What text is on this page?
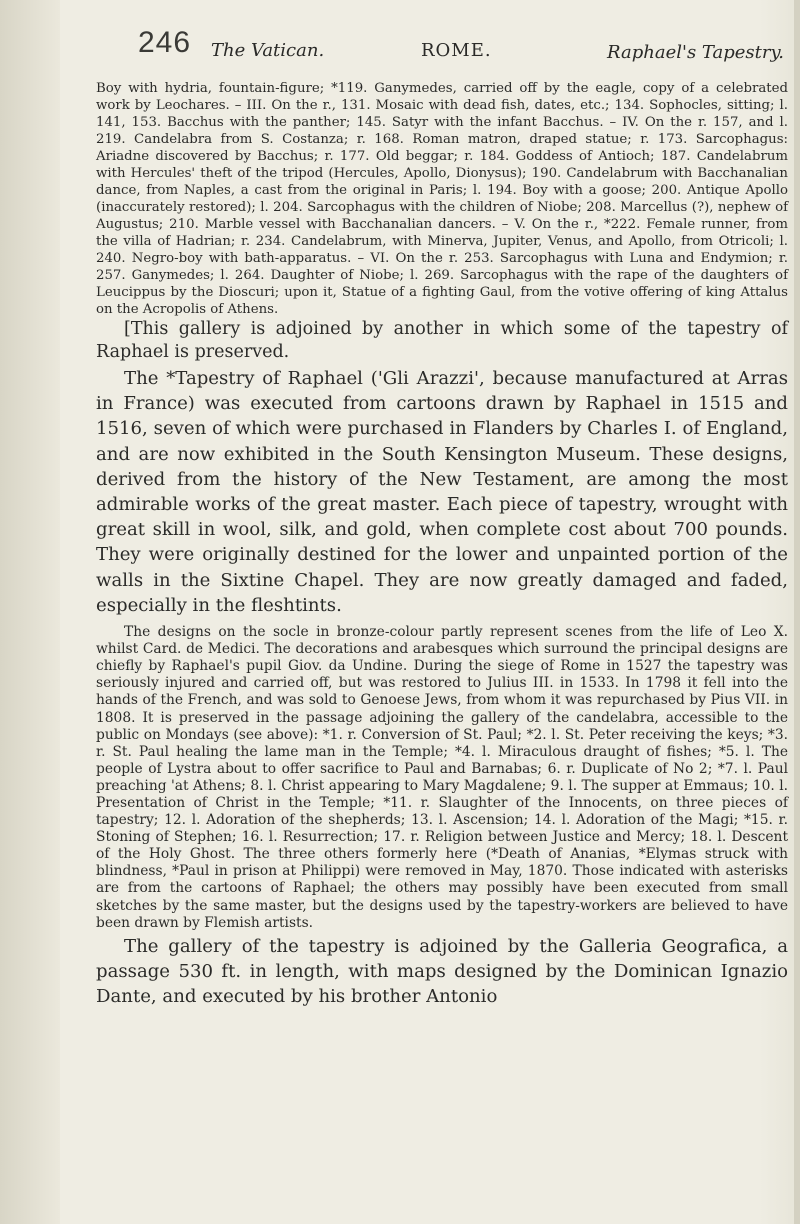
246 The Vatican.	ROME.	Raphael's Tapestry.

Boy with hydria, fountain-figure; *119. Ganymedes, carried off by the eagle, copy of a celebrated work by Leochares. – III. On the r., 131. Mosaic with dead fish, dates, etc.; 134. Sophocles, sitting; l. 141, 153. Bacchus with the panther; 145. Satyr with the infant Bacchus. – IV. On the r. 157, and l. 219. Candelabra from S. Costanza; r. 168. Roman matron, draped statue; r. 173. Sarcophagus: Ariadne discovered by Bacchus; r. 177. Old beggar; r. 184. Goddess of Antioch; 187. Candelabrum with Hercules' theft of the tripod (Hercules, Apollo, Dionysus); 190. Candelabrum with Bacchanalian dance, from Naples, a cast from the original in Paris; l. 194. Boy with a goose; 200. Antique Apollo (inaccurately restored); l. 204. Sarcophagus with the children of Niobe; 208. Marcellus (?), nephew of Augustus; 210. Marble vessel with Bacchanalian dancers. – V. On the r., *222. Female runner, from the villa of Hadrian; r. 234. Candelabrum, with Minerva, Jupiter, Venus, and Apollo, from Otricoli; l. 240. Negro-boy with bath-apparatus. – VI. On the r. 253. Sarcophagus with Luna and Endymion; r. 257. Ganymedes; l. 264. Daughter of Niobe; l. 269. Sarcophagus with the rape of the daughters of Leucippus by the Dioscuri; upon it, Statue of a fighting Gaul, from the votive offering of king Attalus on the Acropolis of Athens.

[This gallery is adjoined by another in which some of the tapestry of Raphael is preserved.

The *Tapestry of Raphael ('Gli Arazzi', because manufactured at Arras in France) was executed from cartoons drawn by Raphael in 1515 and 1516, seven of which were purchased in Flanders by Charles I. of England, and are now exhibited in the South Kensington Museum. These designs, derived from the history of the New Testament, are among the most admirable works of the great master. Each piece of tapestry, wrought with great skill in wool, silk, and gold, when complete cost about 700 pounds. They were originally destined for the lower and unpainted portion of the walls in the Sixtine Chapel. They are now greatly damaged and faded, especially in the fleshtints.

The designs on the socle in bronze-colour partly represent scenes from the life of Leo X. whilst Card. de Medici. The decorations and arabesques which surround the principal designs are chiefly by Raphael's pupil Giov. da Undine. During the siege of Rome in 1527 the tapestry was seriously injured and carried off, but was restored to Julius III. in 1533. In 1798 it fell into the hands of the French, and was sold to Genoese Jews, from whom it was repurchased by Pius VII. in 1808. It is preserved in the passage adjoining the gallery of the candelabra, accessible to the public on Mondays (see above): *1. r. Conversion of St. Paul; *2. l. St. Peter receiving the keys; *3. r. St. Paul healing the lame man in the Temple; *4. l. Miraculous draught of fishes; *5. l. The people of Lystra about to offer sacrifice to Paul and Barnabas; 6. r. Duplicate of No 2; *7. l. Paul preaching 'at Athens; 8. l. Christ appearing to Mary Magdalene; 9. l. The supper at Emmaus; 10. l. Presentation of Christ in the Temple; *11. r. Slaughter of the Innocents, on three pieces of tapestry; 12. l. Adoration of the shepherds; 13. l. Ascension; 14. l. Adoration of the Magi; *15. r. Stoning of Stephen; 16. l. Resurrection; 17. r. Religion between Justice and Mercy; 18. l. Descent of the Holy Ghost. The three others formerly here (*Death of Ananias, *Elymas struck with blindness, *Paul in prison at Philippi) were removed in May, 1870. Those indicated with asterisks are from the cartoons of Raphael; the others may possibly have been executed from small sketches by the same master, but the designs used by the tapestry-workers are believed to have been drawn by Flemish artists.

The gallery of the tapestry is adjoined by the Galleria Geografica, a passage 530 ft. in length, with maps designed by the Dominican Ignazio Dante, and executed by his brother Antonio
